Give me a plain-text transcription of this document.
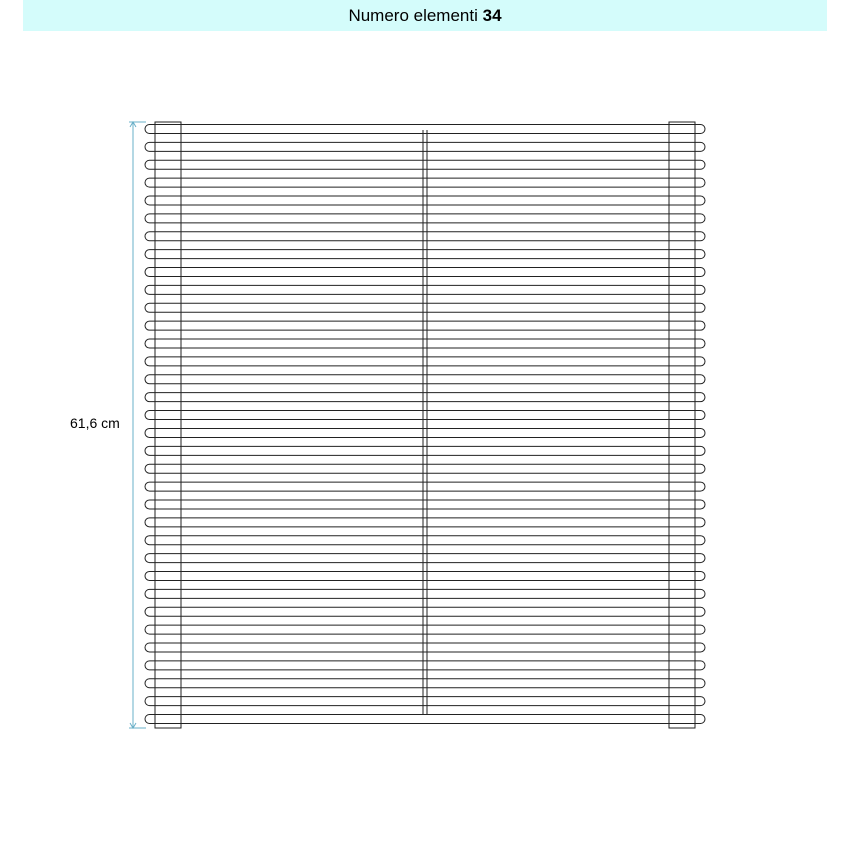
Numero elementi 34
61,6 cm
